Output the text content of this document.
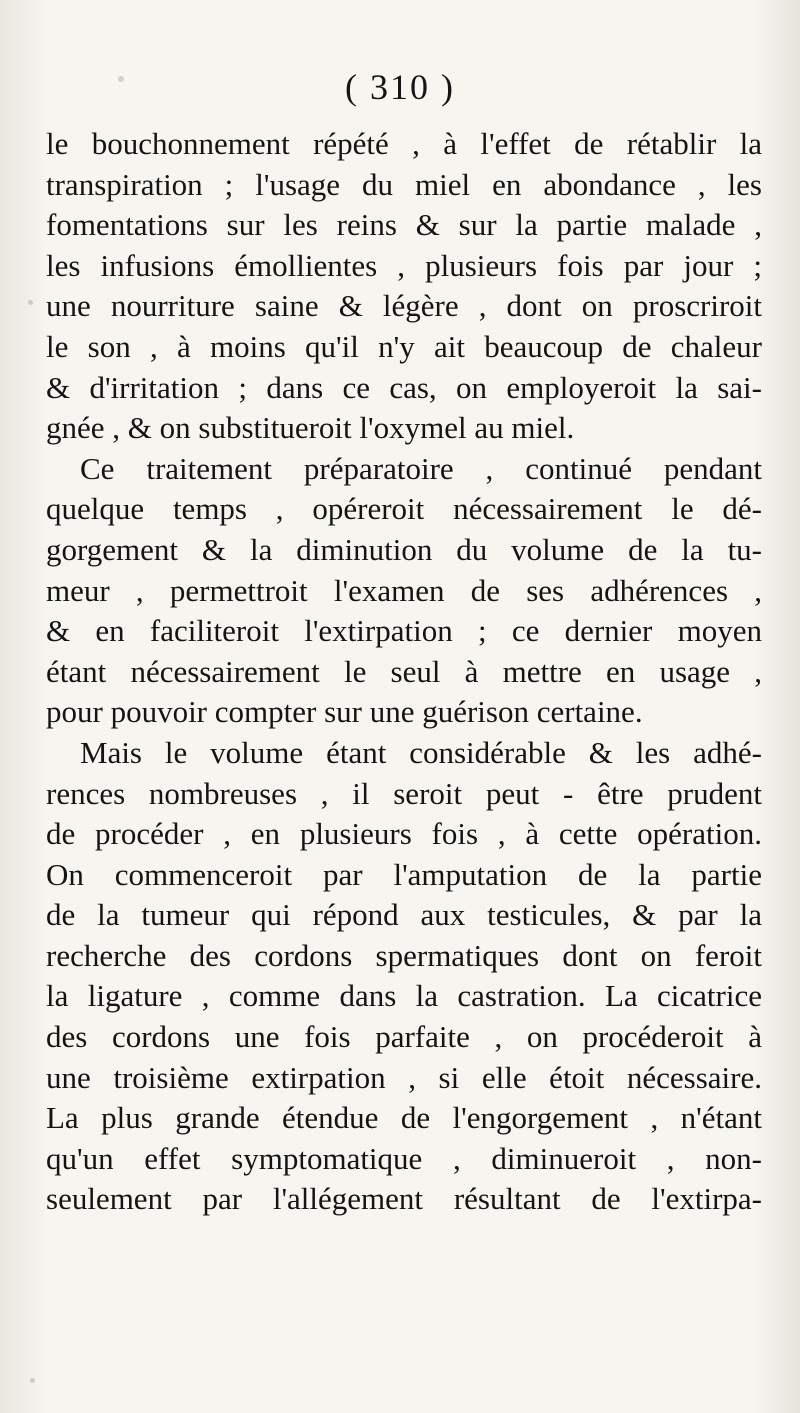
( 310 )
le bouchonnement répété , à l'effet de rétablir la
transpiration ; l'usage du miel en abondance , les
fomentations sur les reins & sur la partie malade ,
les infusions émollientes , plusieurs fois par jour ;
une nourriture saine & légère , dont on proscriroit
le son , à moins qu'il n'y ait beaucoup de chaleur
& d'irritation ; dans ce cas, on employeroit la sai-
gnée , & on substitueroit l'oxymel au miel.
Ce traitement préparatoire , continué pendant
quelque temps , opéreroit nécessairement le dé-
gorgement & la diminution du volume de la tu-
meur , permettroit l'examen de ses adhérences ,
& en faciliteroit l'extirpation ; ce dernier moyen
étant nécessairement le seul à mettre en usage ,
pour pouvoir compter sur une guérison certaine.
Mais le volume étant considérable & les adhé-
rences nombreuses , il seroit peut - être prudent
de procéder , en plusieurs fois , à cette opération.
On commenceroit par l'amputation de la partie
de la tumeur qui répond aux testicules, & par la
recherche des cordons spermatiques dont on feroit
la ligature , comme dans la castration. La cicatrice
des cordons une fois parfaite , on procéderoit à
une troisième extirpation , si elle étoit nécessaire.
La plus grande étendue de l'engorgement , n'étant
qu'un effet symptomatique , diminueroit , non-
seulement par l'allégement résultant de l'extirpa-
